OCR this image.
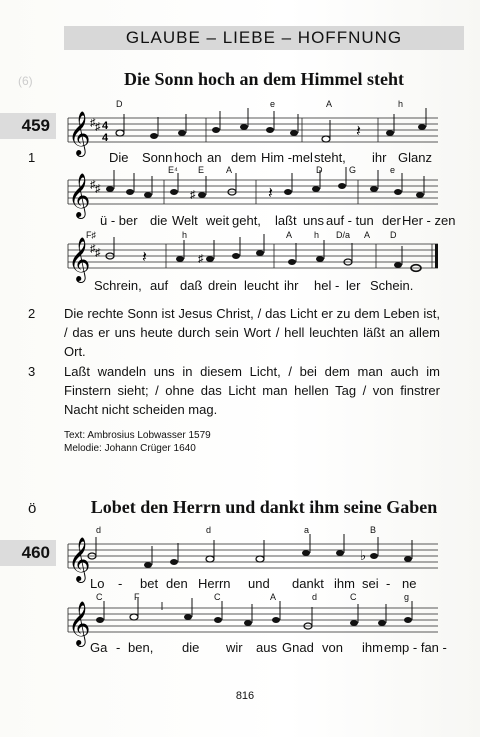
GLAUBE – LIEBE – HOFFNUNG
(6)	Die Sonn hoch an dem Himmel steht
459
1
D	e	A	h
𝄞 ♯ ♯ 4
4	𝄽
Die Sonn hoch an dem Him - mel steht, ihr Glanz
E⁴ E A	D	G	e
𝄞 ♯ ♯	♯	𝄽
ü - ber die Welt weit geht, laßt uns auf - tun der Her - zen
F♯	h	A h D/a A D
𝄞 ♯ ♯	𝄽	♯
Schrein, auf daß drein leucht ihr hel - ler Schein.
2 Die rechte Sonn ist Jesus Christ, / das Licht er zu dem Leben ist, / das er uns heute durch sein Wort / hell leuchten läßt an allem Ort.
3 Laßt wandeln uns in diesem Licht, / bei dem man auch im Finstern sieht; / ohne das Licht man hellen Tag / von finstrer Nacht nicht scheiden mag.
Text: Ambrosius Lobwasser 1579
Melodie: Johann Crüger 1640
ö	Lobet den Herrn und dankt ihm seine Gaben
460
d	d	a	B
𝄞	♭
Lo - bet den Herrn und dankt ihm sei - ne
C	F	C	A	d	C	g
𝄞
Ga - ben, die wir aus Gnad von ihm emp - fan -
816
